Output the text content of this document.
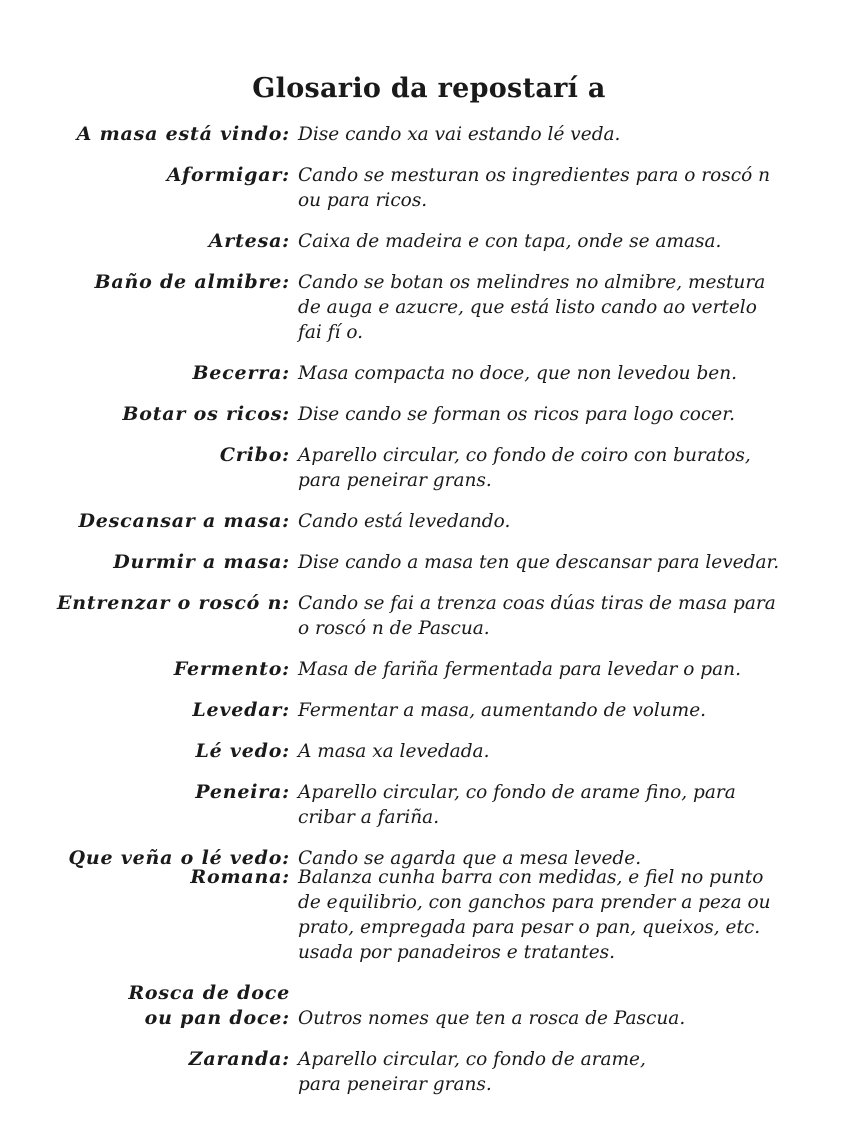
Glosario da repostarí a
A masa está vindo: Dise cando xa vai estando lé veda.
Aformigar: Cando se mesturan os ingredientes para o roscó n
ou para ricos.
Artesa: Caixa de madeira e con tapa, onde se amasa.
Baño de almibre: Cando se botan os melindres no almibre, mestura
de auga e azucre, que está listo cando ao vertelo
fai fí o.
Becerra: Masa compacta no doce, que non levedou ben.
Botar os ricos: Dise cando se forman os ricos para logo cocer.
Cribo: Aparello circular, co fondo de coiro con buratos,
para peneirar grans.
Descansar a masa: Cando está levedando.
Durmir a masa: Dise cando a masa ten que descansar para levedar.
Entrenzar o roscó n: Cando se fai a trenza coas dúas tiras de masa para
o roscó n de Pascua.
Fermento: Masa de fariña fermentada para levedar o pan.
Levedar: Fermentar a masa, aumentando de volume.
Lé vedo: A masa xa levedada.
Peneira: Aparello circular, co fondo de arame fino, para
cribar a fariña.
Que veña o lé vedo: Cando se agarda que a mesa levede.
Romana: Balanza cunha barra con medidas, e fiel no punto
de equilibrio, con ganchos para prender a peza ou
prato, empregada para pesar o pan, queixos, etc.
usada por panadeiros e tratantes.
Rosca de doce
ou pan doce:
Outros nomes que ten a rosca de Pascua.
Zaranda: Aparello circular, co fondo de arame,
para peneirar grans.
